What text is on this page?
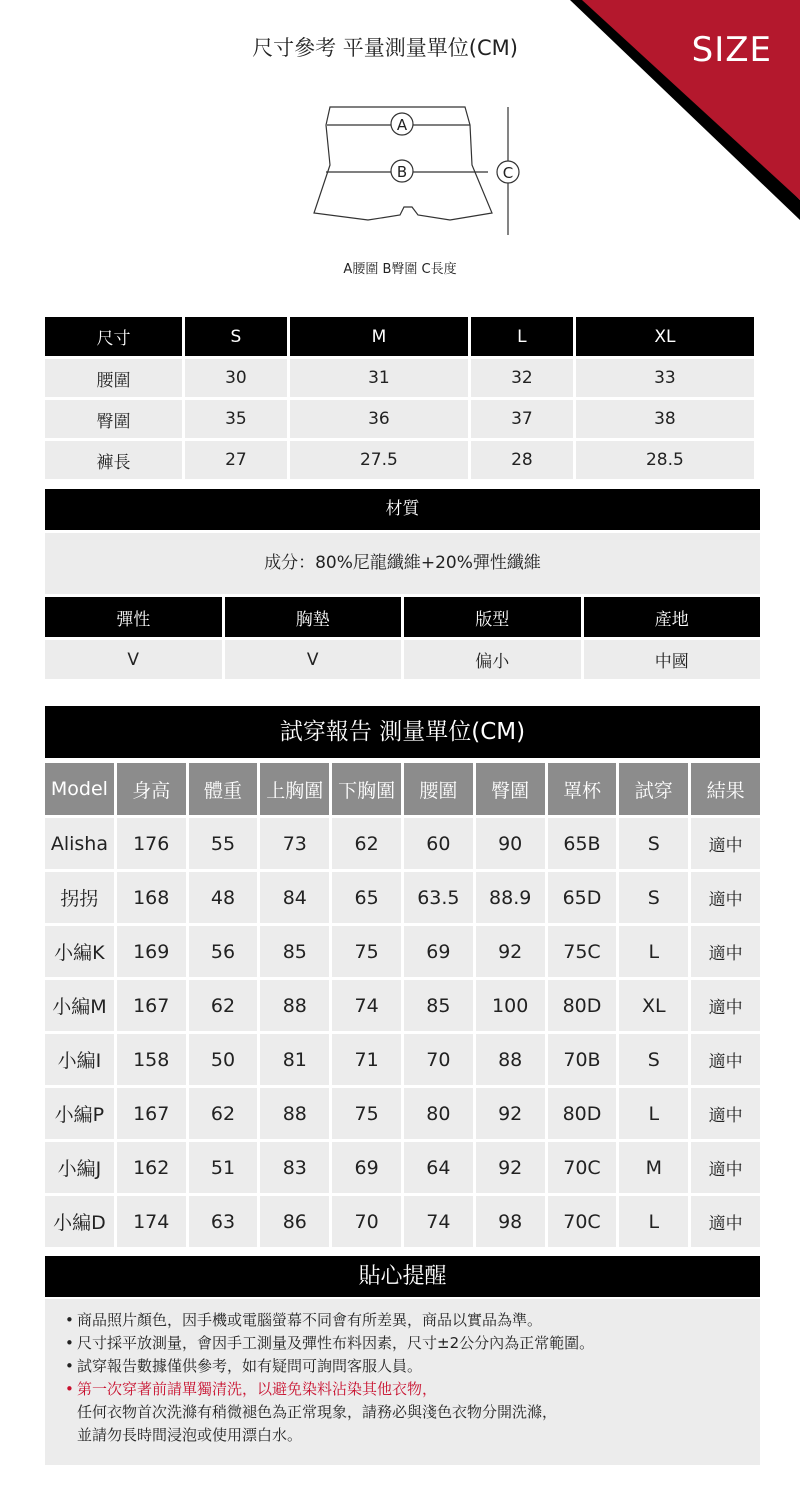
SIZE
尺寸參考 平量測量單位(CM)
A
B	C
A腰圍 B臀圍 C長度
尺寸	S	M	L	XL
腰圍	30	31	32	33
臀圍	35	36	37	38
褲長	27	27.5	28	28.5
材質
成分：80%尼龍纖維+20%彈性纖維
彈性	胸墊	版型	產地
V	V	偏小	中國
試穿報告 測量單位(CM)
Model	身高	體重	上胸圍	下胸圍	腰圍	臀圍	罩杯	試穿	結果
Alisha	176	55	73	62	60	90	65B	S	適中
拐拐	168	48	84	65	63.5	88.9	65D	S	適中
小編K	169	56	85	75	69	92	75C	L	適中
小編M	167	62	88	74	85	100	80D	XL	適中
小編I	158	50	81	71	70	88	70B	S	適中
小編P	167	62	88	75	80	92	80D	L	適中
小編J	162	51	83	69	64	92	70C	M	適中
小編D	174	63	86	70	74	98	70C	L	適中
貼心提醒
• 商品照片顏色，因手機或電腦螢幕不同會有所差異，商品以實品為準。
• 尺寸採平放測量，會因手工測量及彈性布料因素，尺寸±2公分內為正常範圍。
• 試穿報告數據僅供參考，如有疑問可詢問客服人員。
• 第一次穿著前請單獨清洗，以避免染料沾染其他衣物，
任何衣物首次洗滌有稍微褪色為正常現象，請務必與淺色衣物分開洗滌，
並請勿長時間浸泡或使用漂白水。
